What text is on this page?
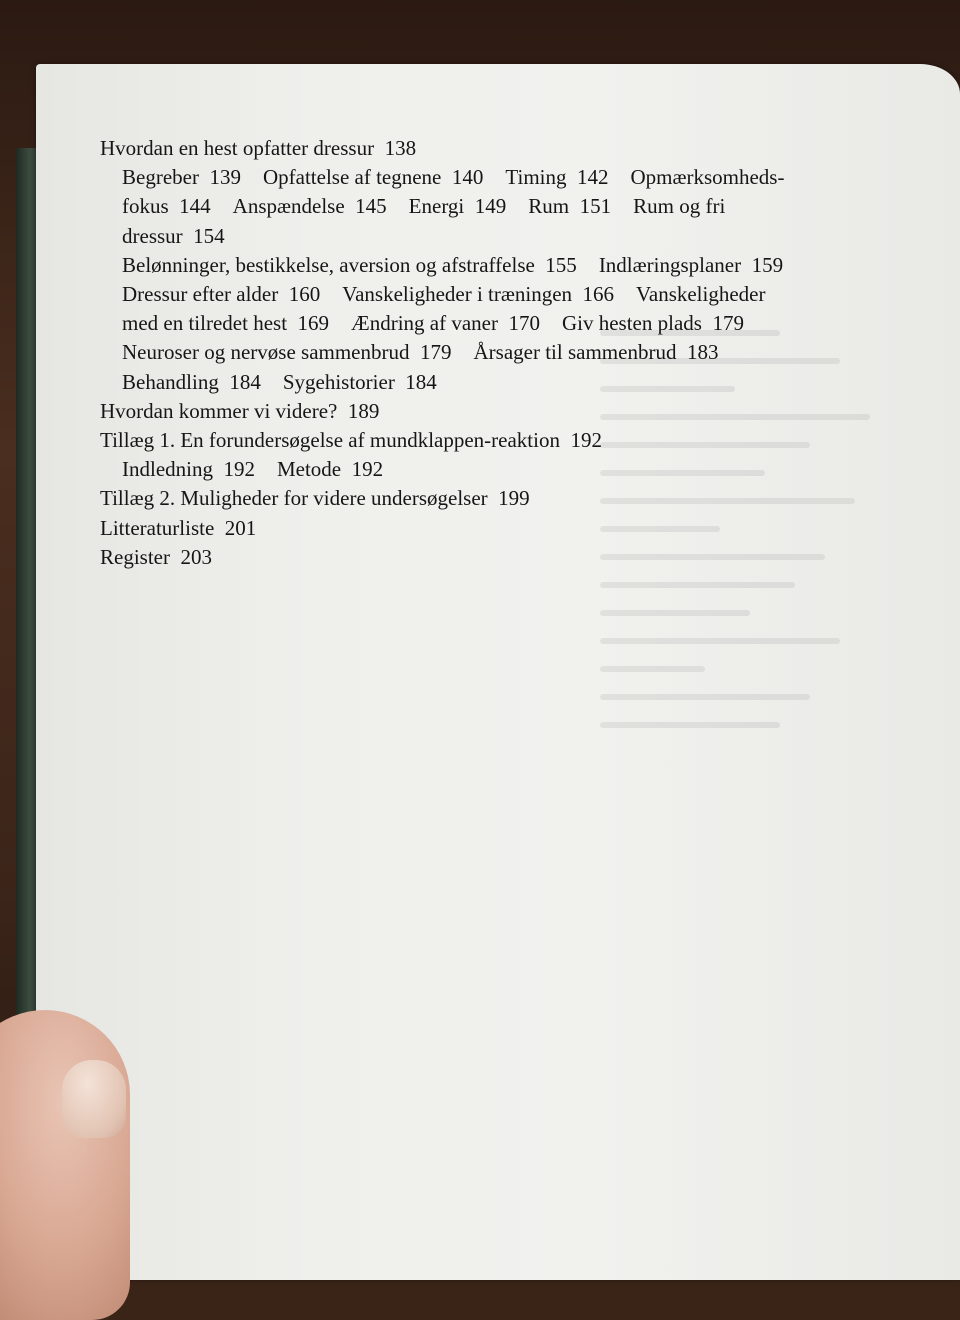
Hvordan en hest opfatter dressur  138
Begreber  139 Opfattelse af tegnene  140 Timing  142 Opmærksomheds-
fokus  144 Anspændelse  145 Energi  149 Rum  151 Rum og fri
dressur  154
Belønninger, bestikkelse, aversion og afstraffelse  155 Indlæringsplaner  159
Dressur efter alder  160 Vanskeligheder i træningen  166 Vanskeligheder
med en tilredet hest  169 Ændring af vaner  170 Giv hesten plads  179
Neuroser og nervøse sammenbrud  179 Årsager til sammenbrud  183
Behandling  184 Sygehistorier  184
Hvordan kommer vi videre?  189
Tillæg 1. En forundersøgelse af mundklappen-reaktion  192
Indledning  192 Metode  192
Tillæg 2. Muligheder for videre undersøgelser  199
Litteraturliste  201
Register  203
